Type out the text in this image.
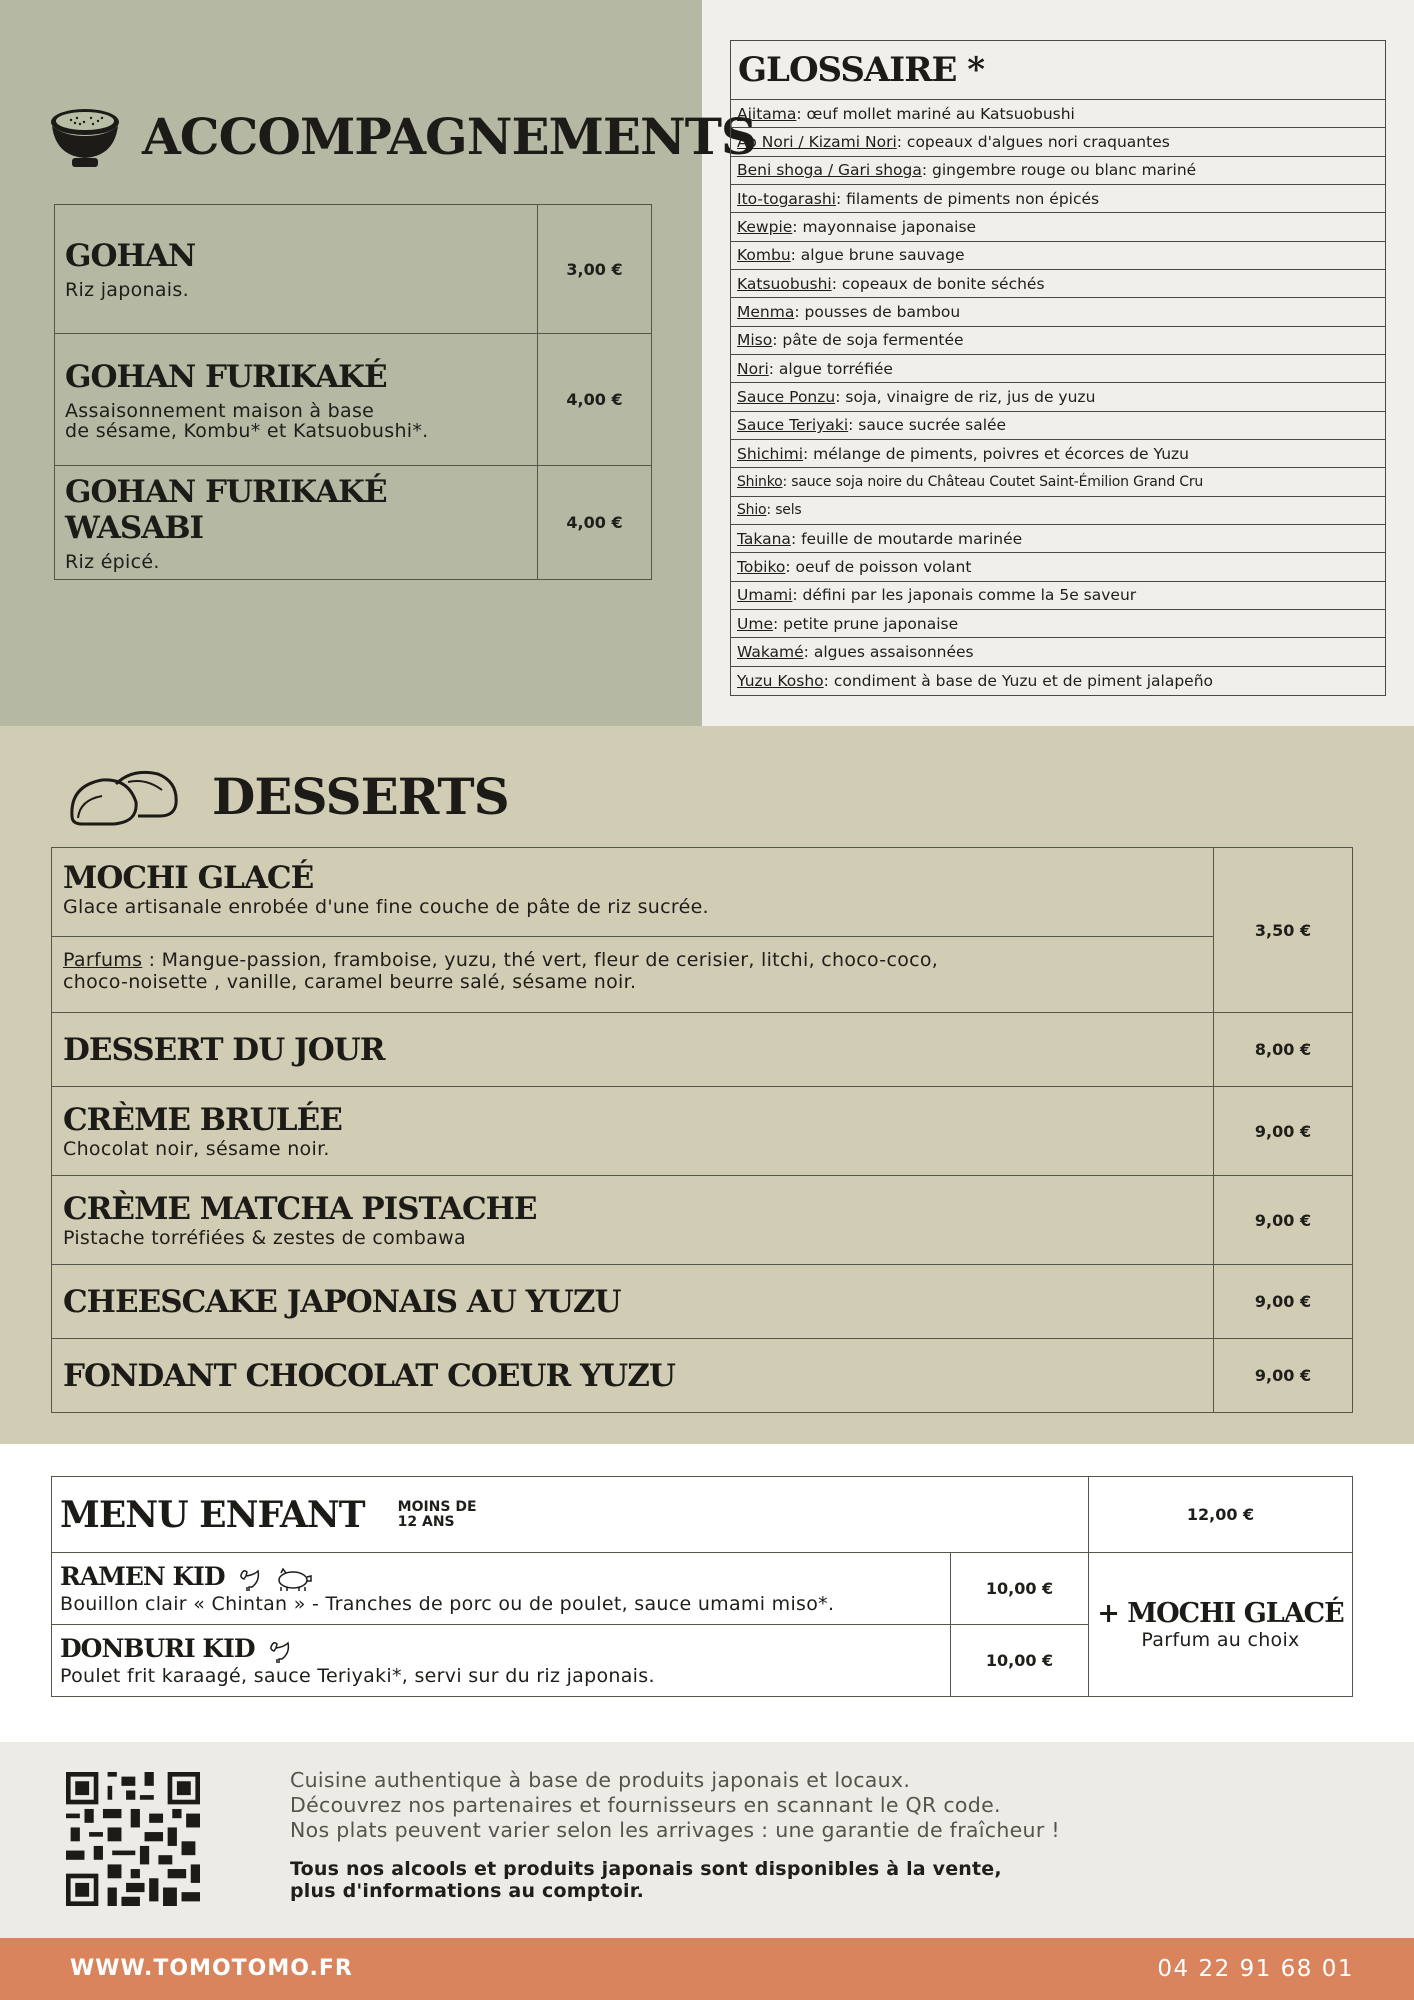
ACCOMPAGNEMENTS
GOHAN
Riz japonais.	3,00 €

GOHAN FURIKAKÉ
Assaisonnement maison à base
de sésame, Kombu* et Katsuobushi*.	4,00 €

GOHAN FURIKAKÉ WASABI
Riz épicé.	4,00 €
GLOSSAIRE *
Ajitama : œuf mollet mariné au Katsuobushi
Ao Nori / Kizami Nori : copeaux d'algues nori craquantes
Beni shoga / Gari shoga : gingembre rouge ou blanc mariné
Ito-togarashi : filaments de piments non épicés
Kewpie : mayonnaise japonaise
Kombu : algue brune sauvage
Katsuobushi : copeaux de bonite séchés
Menma : pousses de bambou
Miso : pâte de soja fermentée
Nori : algue torréfiée
Sauce Ponzu : soja, vinaigre de riz, jus de yuzu
Sauce Teriyaki : sauce sucrée salée
Shichimi : mélange de piments, poivres et écorces de Yuzu
Shinko : sauce soja noire du Château Coutet Saint-Émilion Grand Cru
Shio : sels
Takana : feuille de moutarde marinée
Tobiko : oeuf de poisson volant
Umami : défini par les japonais comme la 5e saveur
Ume : petite prune japonaise
Wakamé : algues assaisonnées
Yuzu Kosho : condiment à base de Yuzu et de piment jalapeño
DESSERTS
MOCHI GLACÉ
Glace artisanale enrobée d'une fine couche de pâte de riz sucrée.
Parfums : Mangue-passion, framboise, yuzu, thé vert, fleur de cerisier, litchi, choco-coco,
choco-noisette , vanille, caramel beurre salé, sésame noir.	3,50 €

DESSERT DU JOUR	8,00 €

CRÈME BRULÉE
Chocolat noir, sésame noir.	9,00 €

CRÈME MATCHA PISTACHE
Pistache torréfiées & zestes de combawa	9,00 €

CHEESCAKE JAPONAIS AU YUZU	9,00 €

FONDANT CHOCOLAT COEUR YUZU	9,00 €
MENU ENFANT MOINS DE
12 ANS		12,00 €
RAMEN KID
Bouillon clair « Chintan » - Tranches de porc ou de poulet, sauce umami miso*.	10,00 €	+ MOCHI GLACÉ
Parfum au choix
DONBURI KID
Poulet frit karaagé, sauce Teriyaki*, servi sur du riz japonais.	10,00 €	

Cuisine authentique à base de produits japonais et locaux.

Découvrez nos partenaires et fournisseurs en scannant le QR code.

Nos plats peuvent varier selon les arrivages : une garantie de fraîcheur !

Tous nos alcools et produits japonais sont disponibles à la vente,

plus d'informations au comptoir.

WWW.TOMOTOMO.FR	04 22 91 68 01
